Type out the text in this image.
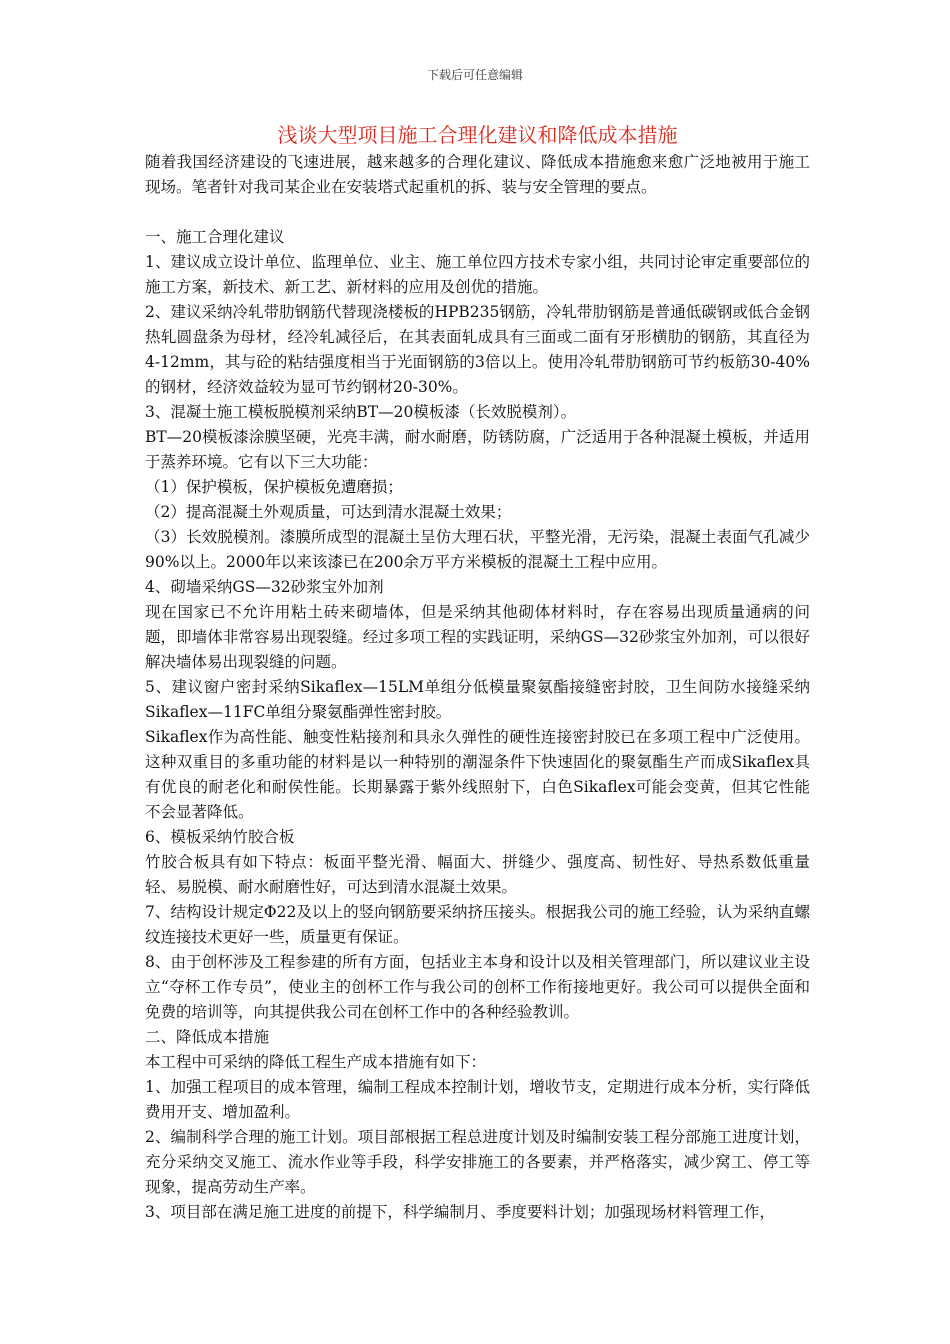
下载后可任意编辑
浅谈大型项目施工合理化建议和降低成本措施

随着我国经济建设的飞速进展，越来越多的合理化建议、降低成本措施愈来愈广泛地被用于施工现场。笔者针对我司某企业在安装塔式起重机的拆、装与安全管理的要点。

一、施工合理化建议

1、建议成立设计单位、监理单位、业主、施工单位四方技术专家小组，共同讨论审定重要部位的施工方案，新技术、新工艺、新材料的应用及创优的措施。

2、建议采纳冷轧带肋钢筋代替现浇楼板的HPB235钢筋，冷轧带肋钢筋是普通低碳钢或低合金钢热轧圆盘条为母材，经冷轧减径后，在其表面轧成具有三面或二面有牙形横肋的钢筋，其直径为4-12mm，其与砼的粘结强度相当于光面钢筋的3倍以上。使用冷轧带肋钢筋可节约板筋30-40%的钢材，经济效益较为显可节约钢材20-30%。

3、混凝土施工模板脱模剂采纳BT—20模板漆（长效脱模剂）。

BT—20模板漆涂膜坚硬，光亮丰满，耐水耐磨，防锈防腐，广泛适用于各种混凝土模板，并适用于蒸养环境。它有以下三大功能：

（1）保护模板，保护模板免遭磨损；

（2）提高混凝土外观质量，可达到清水混凝土效果；

（3）长效脱模剂。漆膜所成型的混凝土呈仿大理石状，平整光滑，无污染，混凝土表面气孔减少90%以上。2000年以来该漆已在200余万平方米模板的混凝土工程中应用。

4、砌墙采纳GS—32砂浆宝外加剂

现在国家已不允许用粘土砖来砌墙体，但是采纳其他砌体材料时，存在容易出现质量通病的问题，即墙体非常容易出现裂缝。经过多项工程的实践证明，采纳GS—32砂浆宝外加剂，可以很好解决墙体易出现裂缝的问题。

5、建议窗户密封采纳Sikaflex—15LM单组分低模量聚氨酯接缝密封胶，卫生间防水接缝采纳Sikaflex—11FC单组分聚氨酯弹性密封胶。

Sikaflex作为高性能、触变性粘接剂和具永久弹性的硬性连接密封胶已在多项工程中广泛使用。这种双重目的多重功能的材料是以一种特别的潮湿条件下快速固化的聚氨酯生产而成Sikaflex具有优良的耐老化和耐侯性能。长期暴露于紫外线照射下，白色Sikaflex可能会变黄，但其它性能不会显著降低。

6、模板采纳竹胶合板

竹胶合板具有如下特点：板面平整光滑、幅面大、拼缝少、强度高、韧性好、导热系数低重量轻、易脱模、耐水耐磨性好，可达到清水混凝土效果。

7、结构设计规定Φ22及以上的竖向钢筋要采纳挤压接头。根据我公司的施工经验，认为采纳直螺纹连接技术更好一些，质量更有保证。

8、由于创杯涉及工程参建的所有方面，包括业主本身和设计以及相关管理部门，所以建议业主设立“夺杯工作专员”，使业主的创杯工作与我公司的创杯工作衔接地更好。我公司可以提供全面和免费的培训等，向其提供我公司在创杯工作中的各种经验教训。

二、降低成本措施

本工程中可采纳的降低工程生产成本措施有如下：

1、加强工程项目的成本管理，编制工程成本控制计划，增收节支，定期进行成本分析，实行降低费用开支、增加盈利。

2、编制科学合理的施工计划。项目部根据工程总进度计划及时编制安装工程分部施工进度计划，充分采纳交叉施工、流水作业等手段，科学安排施工的各要素，并严格落实，减少窝工、停工等现象，提高劳动生产率。

3、项目部在满足施工进度的前提下，科学编制月、季度要料计划；加强现场材料管理工作，
